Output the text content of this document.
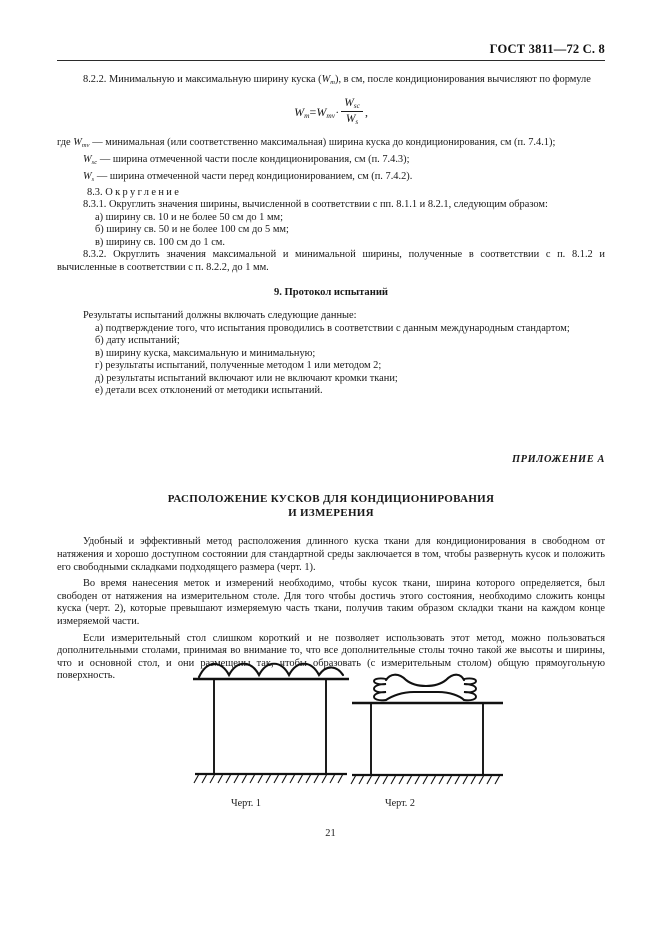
ГОСТ 3811—72 С. 8

8.2.2. Минимальную и максимальную ширину куска $(W_m)$, в см, после кондиционирования вычисляют по формуле

$W_m=W_{mv}\cdot \frac{W_{sc}}{W_s}$ ,

где $W_{mv}$ — минимальная (или соответственно максимальная) ширина куска до кондиционирования, см (п. 7.4.1);

$W_{sc}$ — ширина отмеченной части после кондиционирования, см (п. 7.4.3);

$W_s$ — ширина отмеченной части перед кондиционированием, см (п. 7.4.2).

8.3. Округление

8.3.1. Округлить значения ширины, вычисленной в соответствии с пп. 8.1.1 и 8.2.1, следующим образом:

а) ширину св. 10 и не более 50 см до 1 мм;

б) ширину св. 50 и не более 100 см до 5 мм;

в) ширину св. 100 см до 1 см.

8.3.2. Округлить значения максимальной и минимальной ширины, полученные в соответствии с п. 8.1.2 и вычисленные в соответствии с п. 8.2.2, до 1 мм.

9. Протокол испытаний

Результаты испытаний должны включать следующие данные:

а) подтверждение того, что испытания проводились в соответствии с данным международным стандартом;

б) дату испытаний;

в) ширину куска, максимальную и минимальную;

г) результаты испытаний, полученные методом 1 или методом 2;

д) результаты испытаний включают или не включают кромки ткани;

е) детали всех отклонений от методики испытаний.

ПРИЛОЖЕНИЕ А

РАСПОЛОЖЕНИЕ КУСКОВ ДЛЯ КОНДИЦИОНИРОВАНИЯ
И ИЗМЕРЕНИЯ

Удобный и эффективный метод расположения длинного куска ткани для кондиционирования в свободном от натяжения и хорошо доступном состоянии для стандартной среды заключается в том, чтобы развернуть кусок и положить его свободными складками подходящего размера (черт. 1).

Во время нанесения меток и измерений необходимо, чтобы кусок ткани, ширина которого определяется, был свободен от натяжения на измерительном столе. Для того чтобы достичь этого состояния, необходимо сложить концы куска (черт. 2), которые превышают измеряемую часть ткани, получив таким образом складки ткани на каждом конце измеряемой части.

Если измерительный стол слишком короткий и не позволяет использовать этот метод, можно пользоваться дополнительными столами, принимая во внимание то, что все дополнительные столы точно такой же высоты и ширины, что и основной стол, и они размещены так, чтобы образовать (с измерительным столом) общую прямоугольную поверхность.

Черт. 1	Черт. 2
21
